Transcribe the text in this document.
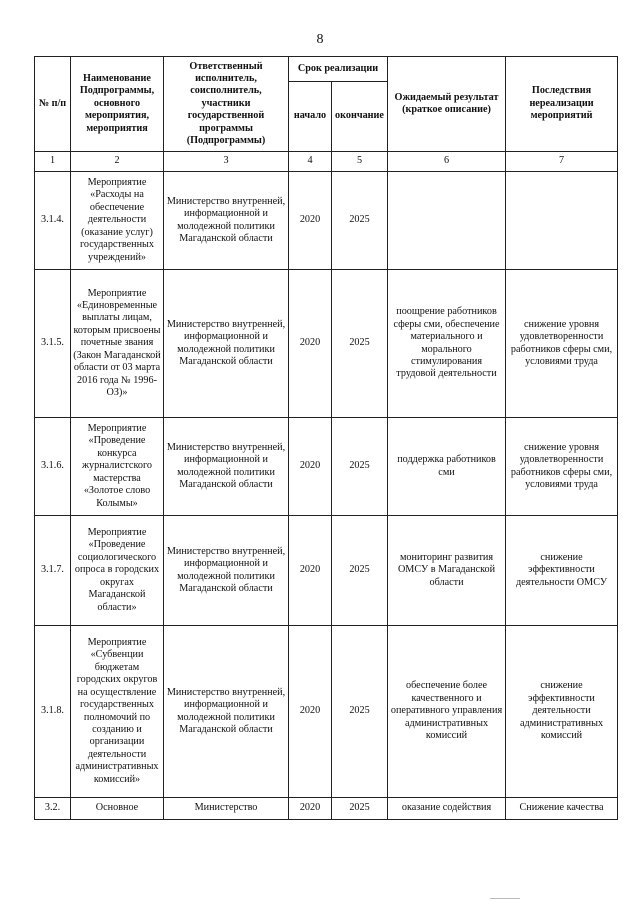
8
№ п/п	Наименование Подпрограммы, основного мероприятия, мероприятия	Ответственный исполнитель, соисполнитель, участники государственной программы (Подпрограммы)	Срок реализации		Ожидаемый результат (краткое описание)	Последствия нереализации мероприятий
			начало	окончание		
1	2	3	4	5	6	7
3.1.4.	Мероприятие «Расходы на обеспечение деятельности (оказание услуг) государственных учреждений»	Министерство внутренней, информационной и молодежной политики Магаданской области	2020	2025		
3.1.5.	Мероприятие «Единовременные выплаты лицам, которым присвоены почетные звания (Закон Магаданской области от 03 марта 2016 года № 1996-ОЗ)»	Министерство внутренней, информационной и молодежной политики Магаданской области	2020	2025	поощрение работников сферы сми, обеспечение материального и морального стимулирования трудовой деятельности	снижение уровня удовлетворенности работников сферы сми, условиями труда
3.1.6.	Мероприятие «Проведение конкурса журналистского мастерства «Золотое слово Колымы»	Министерство внутренней, информационной и молодежной политики Магаданской области	2020	2025	поддержка работников сми	снижение уровня удовлетворенности работников сферы сми, условиями труда
3.1.7.	Мероприятие «Проведение социологического опроса в городских округах Магаданской области»	Министерство внутренней, информационной и молодежной политики Магаданской области	2020	2025	мониторинг развития ОМСУ в Магаданской области	снижение эффективности деятельности ОМСУ
3.1.8.	Мероприятие «Субвенции бюджетам городских округов на осуществление государственных полномочий по созданию и организации деятельности административных комиссий»	Министерство внутренней, информационной и молодежной политики Магаданской области	2020	2025	обеспечение более качественного и оперативного управления административных комиссий	снижение эффективности деятельности административных комиссий
3.2.	Основное	Министерство	2020	2025	оказание содействия	Снижение качества
